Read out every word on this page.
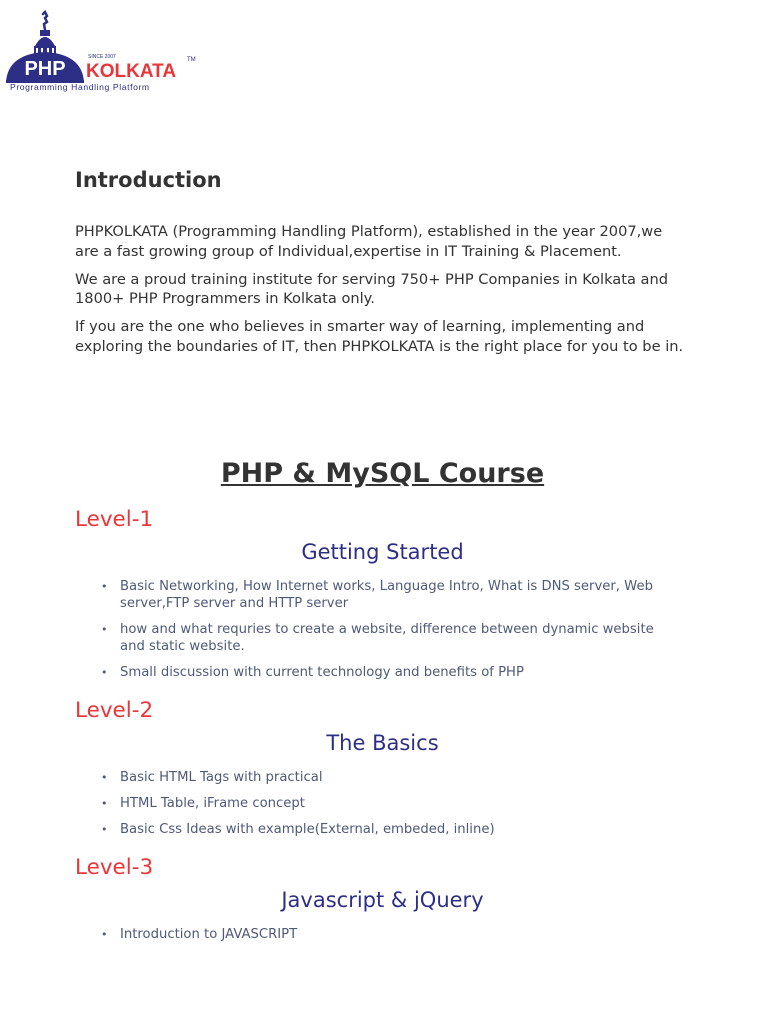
PHP
SINCE 2007
KOLKATA
TM
Programming Handling Platform
Introduction

PHPKOLKATA (Programming Handling Platform), established in the year 2007,we are a fast growing group of Individual,expertise in IT Training & Placement.

We are a proud training institute for serving 750+ PHP Companies in Kolkata and 1800+ PHP Programmers in Kolkata only.

If you are the one who believes in smarter way of learning, implementing and exploring the boundaries of IT, then PHPKOLKATA is the right place for you to be in.

PHP & MySQL Course
Level-1
Getting Started
• Basic Networking, How Internet works, Language Intro, What is DNS server, Web server,FTP server and HTTP server
• how and what requries to create a website, difference between dynamic website and static website.
• Small discussion with current technology and benefits of PHP
Level-2
The Basics
• Basic HTML Tags with practical
• HTML Table, iFrame concept
• Basic Css Ideas with example(External, embeded, inline)
Level-3
Javascript & jQuery
• Introduction to JAVASCRIPT
